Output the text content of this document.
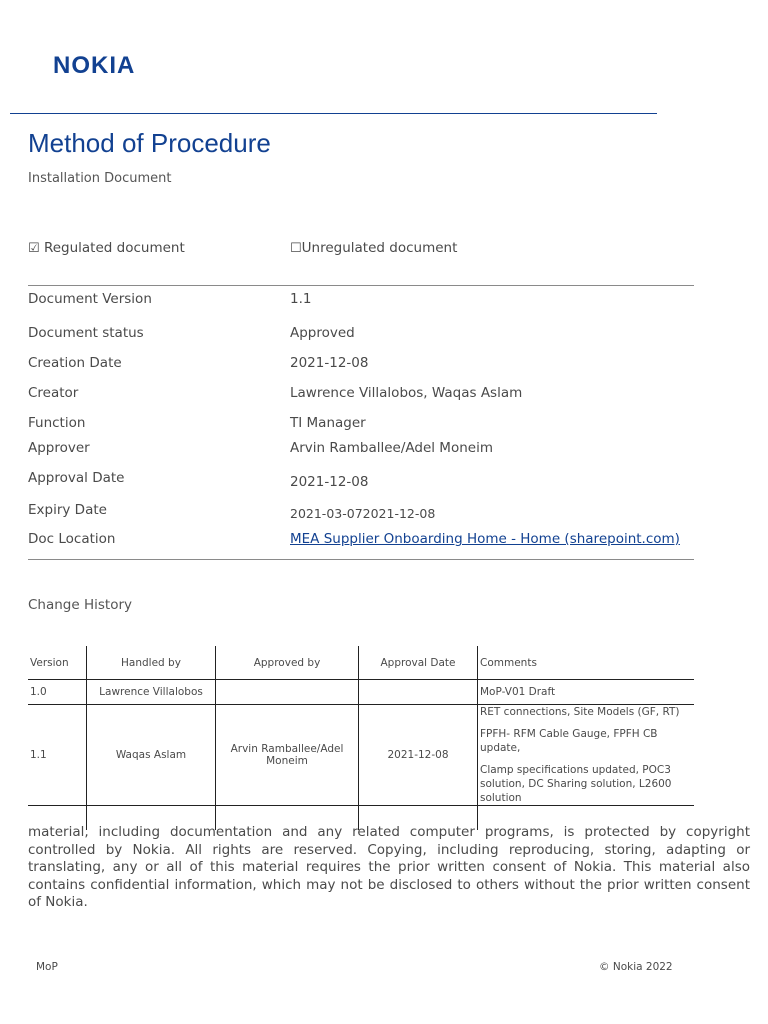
NOKIA
Method of Procedure
Installation Document
☑ Regulated document	☐Unregulated document
Document Version	1.1
Document status	Approved
Creation Date	2021-12-08
Creator	Lawrence Villalobos, Waqas Aslam
Function	TI Manager
Approver	Arvin Ramballee/Adel Moneim
Approval Date	2021-12-08
Expiry Date	2021-03-072021-12-08
Doc Location	MEA Supplier Onboarding Home - Home (sharepoint.com)
Change History
Version	Handled by	Approved by	Approval Date	Comments
1.0	Lawrence Villalobos			MoP-V01 Draft

1.1	Waqas Aslam	Arvin Ramballee/Adel Moneim	2021-12-08	RET connections, Site Models (GF, RT)

FPFH- RFM Cable Gauge, FPFH CB update,

Clamp specifications updated, POC3 solution, DC Sharing solution, L2600 solution

material, including documentation and any related computer programs, is protected by copyright controlled by Nokia. All rights are reserved. Copying, including reproducing, storing, adapting or translating, any or all of this material requires the prior written consent of Nokia. This material also contains confidential information, which may not be disclosed to others without the prior written consent of Nokia.
MoP	© Nokia 2022
